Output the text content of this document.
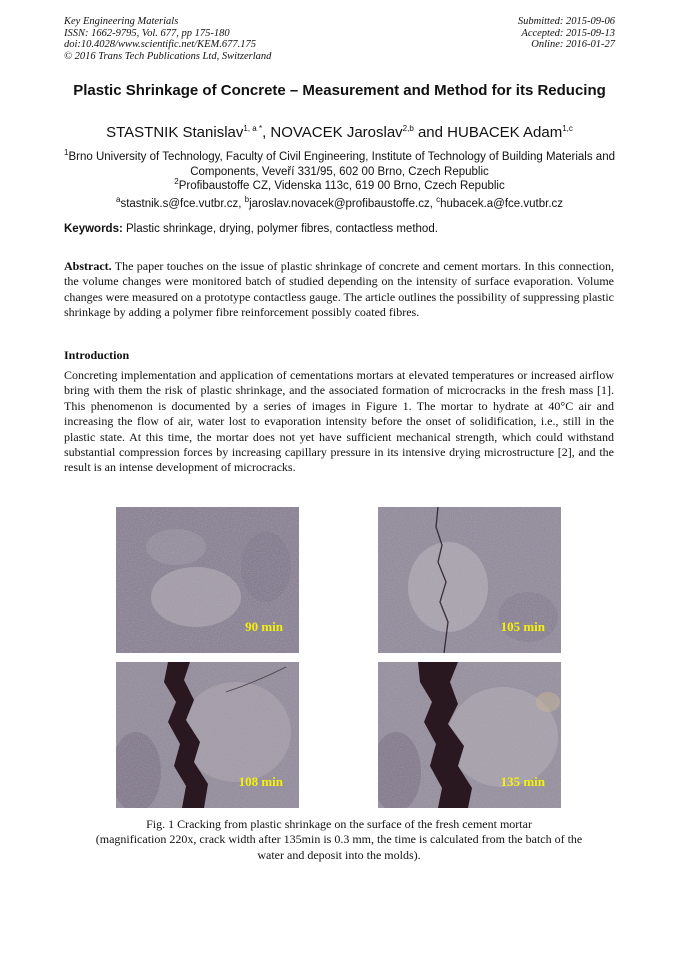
Key Engineering Materials
ISSN: 1662-9795, Vol. 677, pp 175-180
doi:10.4028/www.scientific.net/KEM.677.175
© 2016 Trans Tech Publications Ltd, Switzerland
Submitted: 2015-09-06
Accepted: 2015-09-13
Online: 2016-01-27
Plastic Shrinkage of Concrete – Measurement and Method for its Reducing
STASTNIK Stanislav$^{1, a *}$, NOVACEK Jaroslav$^{2,b}$ and HUBACEK Adam$^{1,c}$
$^1$Brno University of Technology, Faculty of Civil Engineering, Institute of Technology of Building Materials and Components, Veveří 331/95, 602 00 Brno, Czech Republic
$^2$Profibaustoffe CZ, Videnska 113c, 619 00 Brno, Czech Republic
$^a$stastnik.s@fce.vutbr.cz, $^b$jaroslav.novacek@profibaustoffe.cz, $^c$hubacek.a@fce.vutbr.cz
Keywords: Plastic shrinkage, drying, polymer fibres, contactless method.
Abstract. The paper touches on the issue of plastic shrinkage of concrete and cement mortars. In this connection, the volume changes were monitored batch of studied depending on the intensity of surface evaporation. Volume changes were measured on a prototype contactless gauge. The article outlines the possibility of suppressing plastic shrinkage by adding a polymer fibre reinforcement possibly coated fibres.
Introduction
Concreting implementation and application of cementations mortars at elevated temperatures or increased airflow bring with them the risk of plastic shrinkage, and the associated formation of microcracks in the fresh mass [1]. This phenomenon is documented by a series of images in Figure 1. The mortar to hydrate at 40°C air and increasing the flow of air, water lost to evaporation intensity before the onset of solidification, i.e., still in the plastic state. At this time, the mortar does not yet have sufficient mechanical strength, which could withstand substantial compression forces by increasing capillary pressure in its intensive drying microstructure [2], and the result is an intense development of microcracks.
90 min	105 min
108 min	135 min
Fig. 1 Cracking from plastic shrinkage on the surface of the fresh cement mortar
(magnification 220x, crack width after 135min is 0.3 mm, the time is calculated from the batch of the water and deposit into the molds).
